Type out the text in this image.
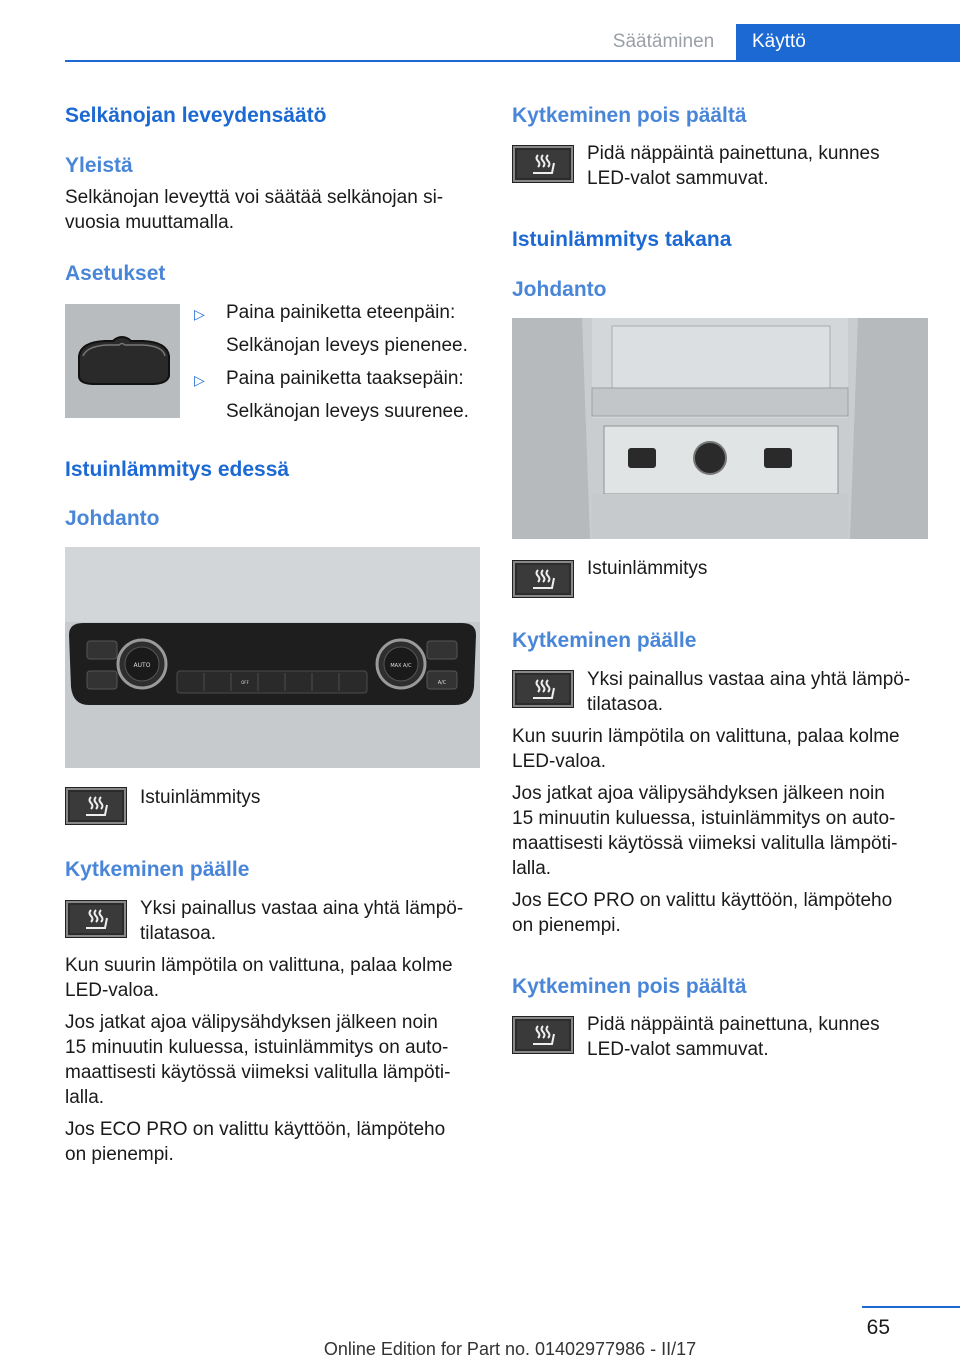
Säätäminen	Käyttö
Selkänojan leveydensäätö
Yleistä
Selkänojan leveyttä voi säätää selkänojan si-
vuosia muuttamalla.
Asetukset
▷ Paina painiketta eteenpäin:
Selkänojan leveys pienenee.
▷ Paina painiketta taaksepäin:
Selkänojan leveys suurenee.
Istuinlämmitys edessä
Johdanto
AUTO	MAX A/C
A/C
OFF
Istuinlämmitys
Kytkeminen päälle
Yksi painallus vastaa aina yhtä lämpö-
tilatasoa.
Kun suurin lämpötila on valittuna, palaa kolme
LED-valoa.
Jos jatkat ajoa välipysähdyksen jälkeen noin
15 minuutin kuluessa, istuinlämmitys on auto-
maattisesti käytössä viimeksi valitulla lämpöti-
lalla.
Jos ECO PRO on valittu käyttöön, lämpöteho
on pienempi.
Kytkeminen pois päältä
Pidä näppäintä painettuna, kunnes
LED-valot sammuvat.
Istuinlämmitys takana
Johdanto
Istuinlämmitys
Kytkeminen päälle
Yksi painallus vastaa aina yhtä lämpö-
tilatasoa.
Kun suurin lämpötila on valittuna, palaa kolme
LED-valoa.
Jos jatkat ajoa välipysähdyksen jälkeen noin
15 minuutin kuluessa, istuinlämmitys on auto-
maattisesti käytössä viimeksi valitulla lämpöti-
lalla.
Jos ECO PRO on valittu käyttöön, lämpöteho
on pienempi.
Kytkeminen pois päältä
Pidä näppäintä painettuna, kunnes
LED-valot sammuvat.
65
Online Edition for Part no. 01402977986 - II/17
